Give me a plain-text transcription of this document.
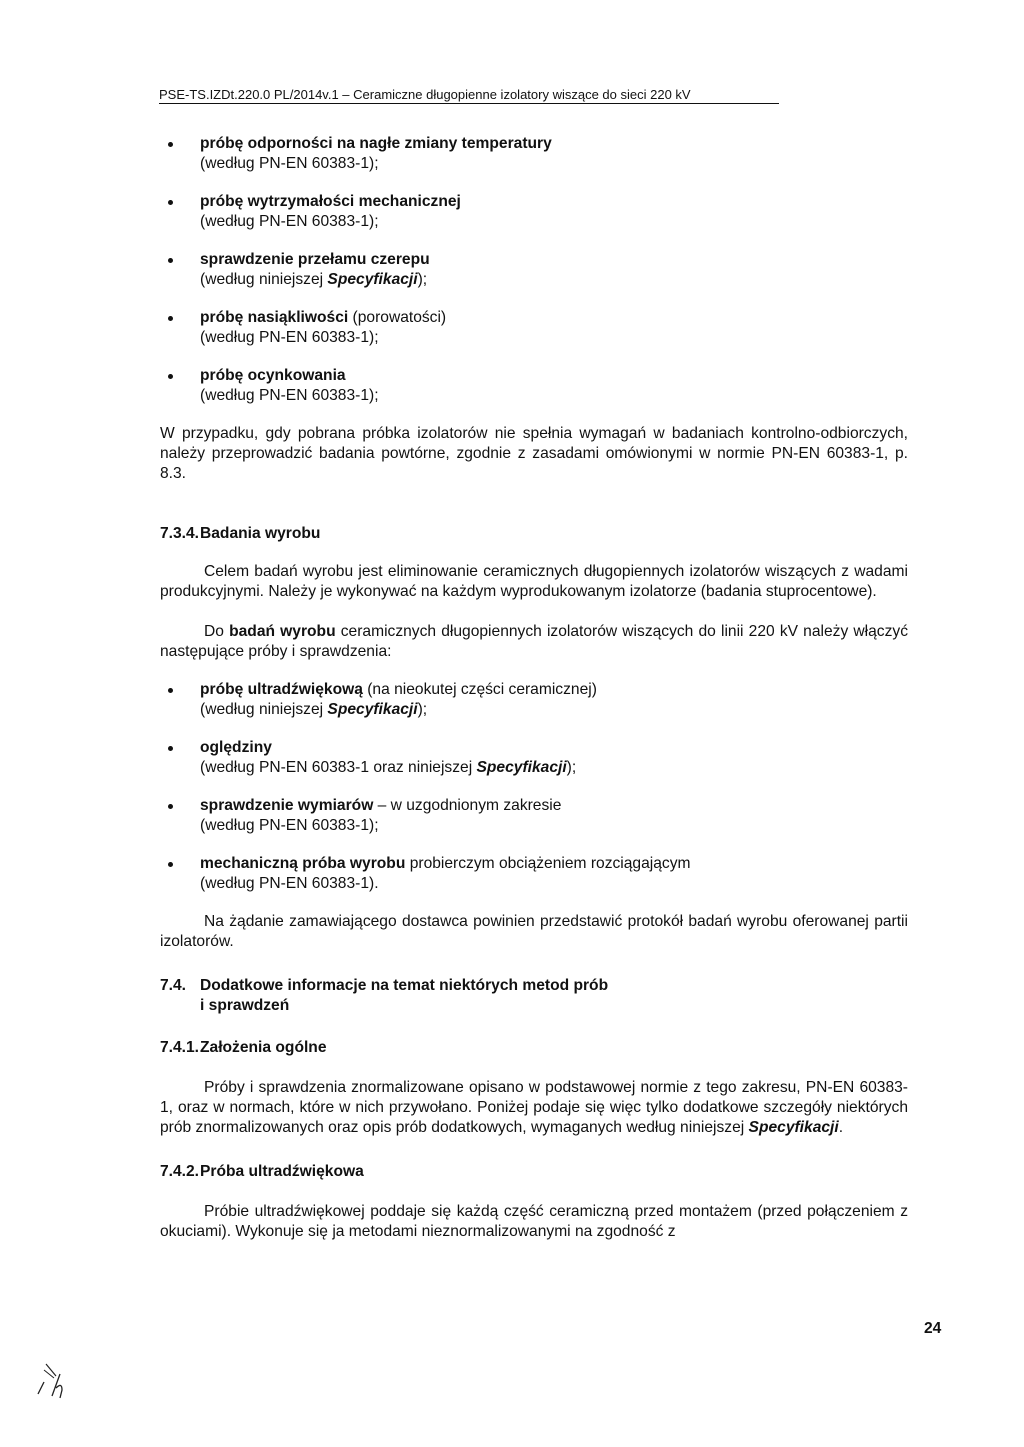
PSE-TS.IZDt.220.0 PL/2014v.1 – Ceramiczne długopienne izolatory wiszące do sieci 220 kV
próbę odporności na nagłe zmiany temperatury
(według PN-EN 60383-1);
próbę wytrzymałości mechanicznej
(według PN-EN 60383-1);
sprawdzenie przełamu czerepu
(według niniejszej Specyfikacji);
próbę nasiąkliwości (porowatości)
(według PN-EN 60383-1);
próbę ocynkowania
(według PN-EN 60383-1);

W przypadku, gdy pobrana próbka izolatorów nie spełnia wymagań w badaniach kontrolno-odbiorczych, należy przeprowadzić badania powtórne, zgodnie z zasadami omówionymi w normie PN-EN 60383-1, p. 8.3.

7.3.4.Badania wyrobu

Celem badań wyrobu jest eliminowanie ceramicznych długopiennych izolatorów wiszących z wadami produkcyjnymi. Należy je wykonywać na każdym wyprodukowanym izolatorze (badania stuprocentowe).

Do badań wyrobu ceramicznych długopiennych izolatorów wiszących do linii 220 kV należy włączyć następujące próby i sprawdzenia:

próbę ultradźwiękową (na nieokutej części ceramicznej)
(według niniejszej Specyfikacji);
oględziny
(według PN-EN 60383-1 oraz niniejszej Specyfikacji);
sprawdzenie wymiarów – w uzgodnionym zakresie
(według PN-EN 60383-1);
mechaniczną próba wyrobu probierczym obciążeniem rozciągającym
(według PN-EN 60383-1).

Na żądanie zamawiającego dostawca powinien przedstawić protokół badań wyrobu oferowanej partii izolatorów.

7.4. Dodatkowe informacje na temat niektórych metod prób
i sprawdzeń

7.4.1.Założenia ogólne

Próby i sprawdzenia znormalizowane opisano w podstawowej normie z tego zakresu, PN-EN 60383-1, oraz w normach, które w nich przywołano. Poniżej podaje się więc tylko dodatkowe szczegóły niektórych prób znormalizowanych oraz opis prób dodatkowych, wymaganych według niniejszej Specyfikacji.

7.4.2.Próba ultradźwiękowa

Próbie ultradźwiękowej poddaje się każdą część ceramiczną przed montażem (przed połączeniem z okuciami). Wykonuje się ja metodami nieznormalizowanymi na zgodność z

24
